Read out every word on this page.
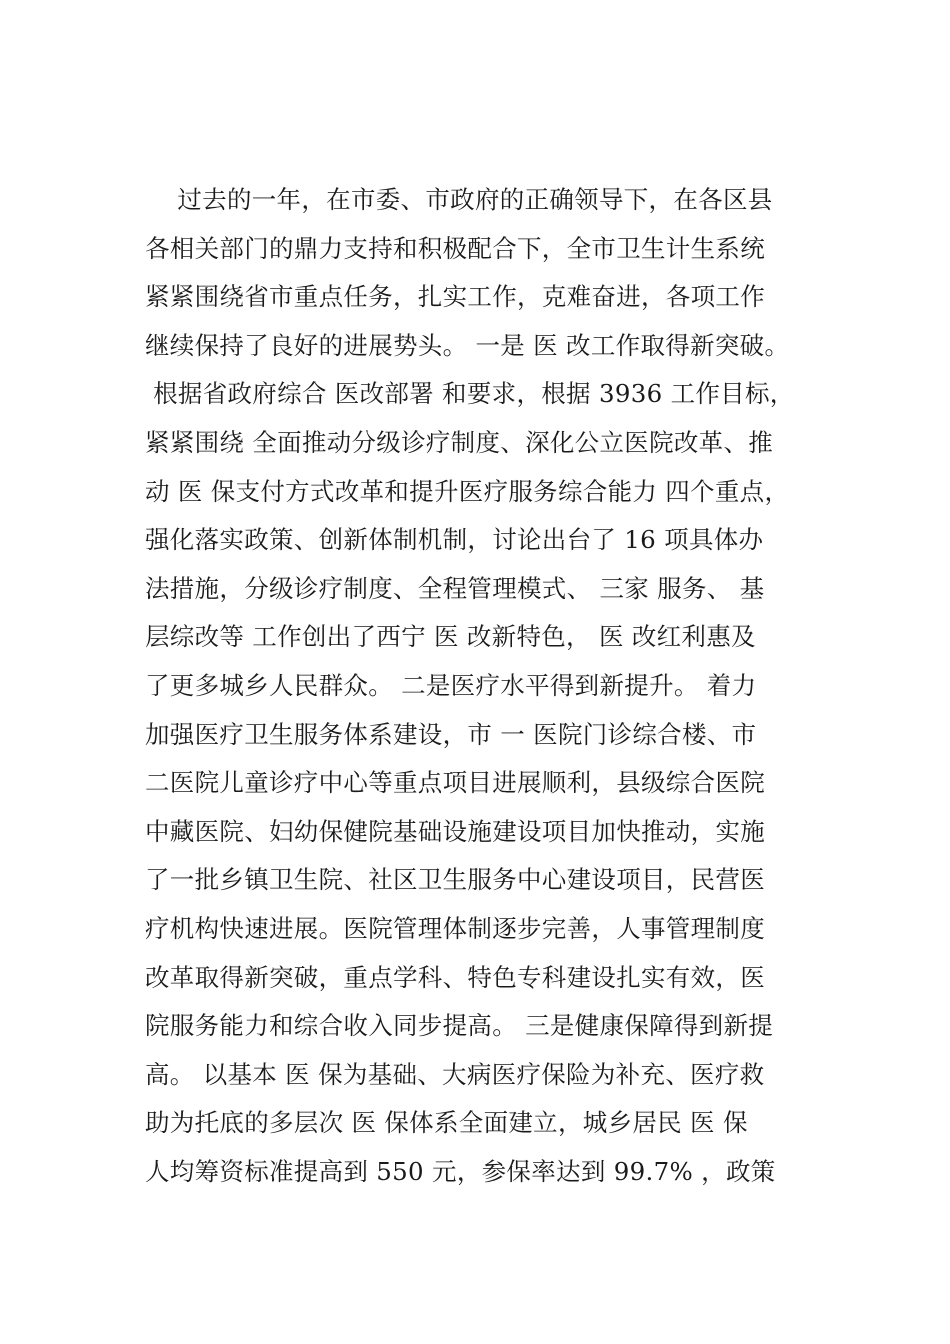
过去的一年，在市委、市政府的正确领导下，在各区县
各相关部门的鼎力支持和积极配合下，全市卫生计生系统
紧紧围绕省市重点任务，扎实工作，克难奋进，各项工作
继续保持了良好的进展势头。 一是 医 改工作取得新突破。
根据省政府综合 医改部署 和要求，根据 3936 工作目标，
紧紧围绕 全面推动分级诊疗制度、深化公立医院改革、推
动 医 保支付方式改革和提升医疗服务综合能力 四个重点，
强化落实政策、创新体制机制，讨论出台了 16 项具体办
法措施，分级诊疗制度、全程管理模式、 三家 服务、 基
层综改等 工作创出了西宁 医 改新特色， 医 改红利惠及
了更多城乡人民群众。 二是医疗水平得到新提升。 着力
加强医疗卫生服务体系建设，市 一 医院门诊综合楼、市
二医院儿童诊疗中心等重点项目进展顺利，县级综合医院
中藏医院、妇幼保健院基础设施建设项目加快推动，实施
了一批乡镇卫生院、社区卫生服务中心建设项目，民营医
疗机构快速进展。医院管理体制逐步完善，人事管理制度
改革取得新突破，重点学科、特色专科建设扎实有效，医
院服务能力和综合收入同步提高。 三是健康保障得到新提
高。 以基本 医 保为基础、大病医疗保险为补充、医疗救
助为托底的多层次 医 保体系全面建立，城乡居民 医 保
人均筹资标准提高到 550 元，参保率达到 99.7% ，政策
